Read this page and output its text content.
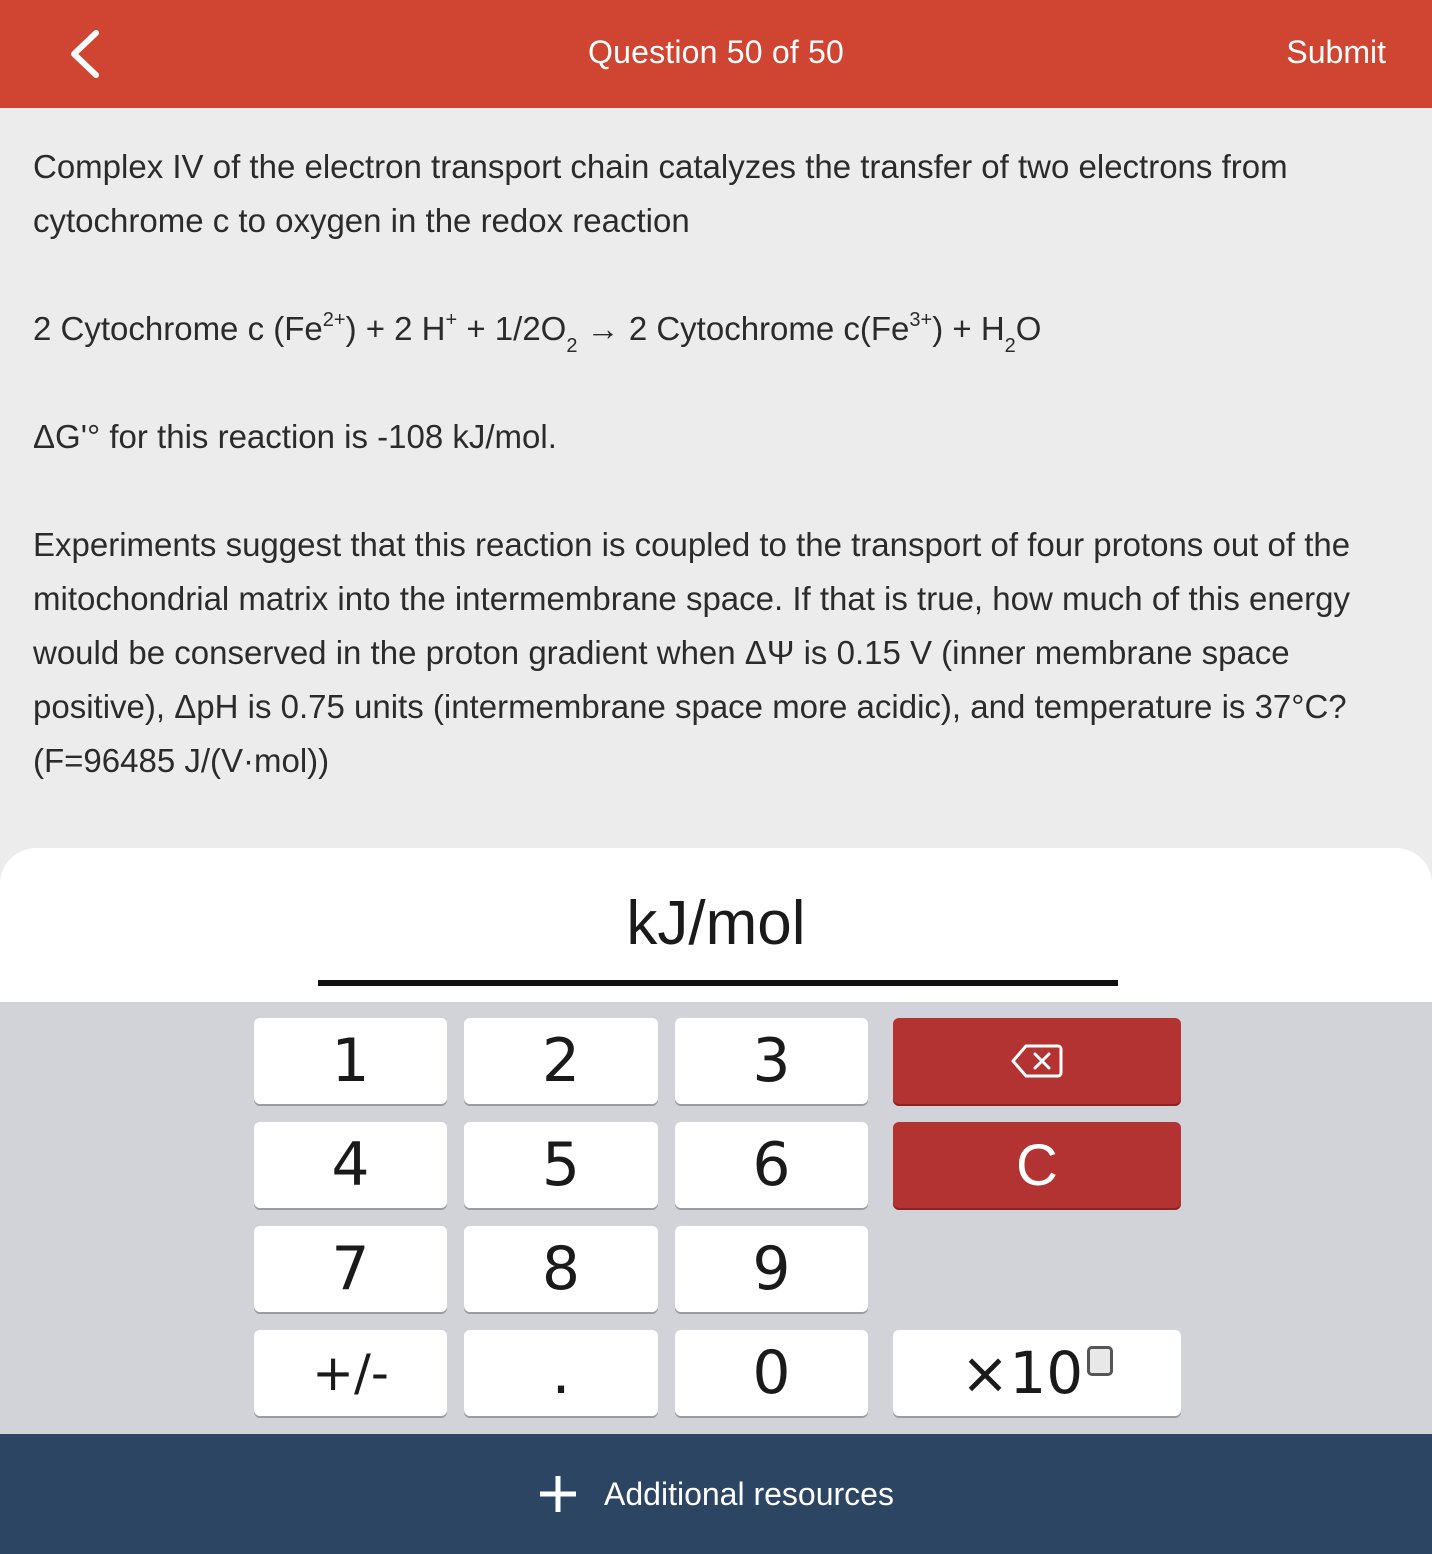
Question 50 of 50	Submit

Complex IV of the electron transport chain catalyzes the transfer of two electrons from cytochrome c to oxygen in the redox reaction

2 Cytochrome c $(Fe^{2+}) + 2$ $H^+ + 1/2O_2 \to 2$ Cytochrome $c(Fe^{3+}) + H_2O$

ΔG'° for this reaction is -108 kJ/mol.

Experiments suggest that this reaction is coupled to the transport of four protons out of the mitochondrial matrix into the intermembrane space. If that is true, how much of this energy would be conserved in the proton gradient when ΔΨ is 0.15 V (inner membrane space positive), ΔpH is 0.75 units (intermembrane space more acidic), and temperature is 37°C? (F=96485 J/(V·mol))

kJ/mol
1	2	3
4	5	6	C
7	8	9
+/-	.	0	×10
Additional resources
